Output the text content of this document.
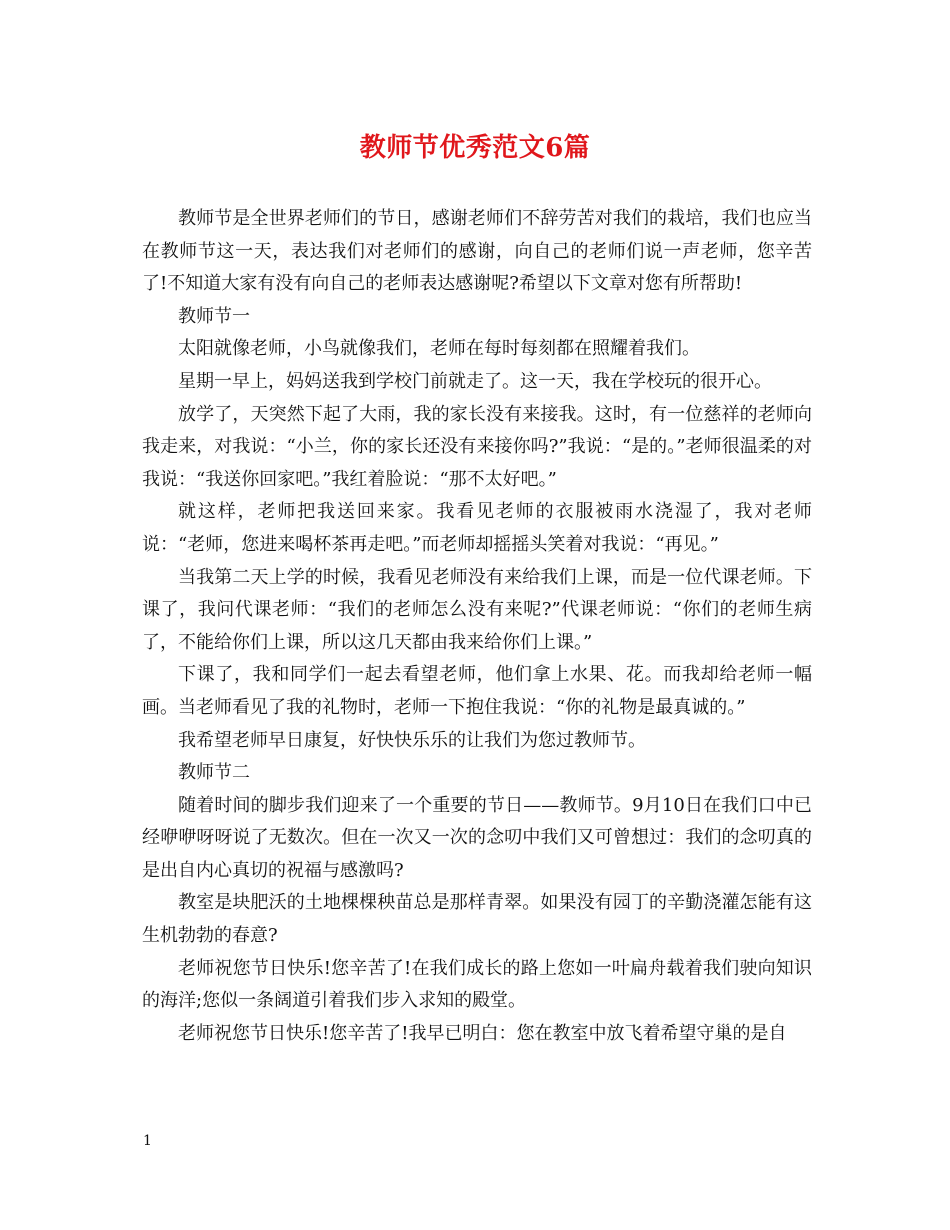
教师节优秀范文6篇

教师节是全世界老师们的节日，感谢老师们不辞劳苦对我们的栽培，我们也应当在教师节这一天，表达我们对老师们的感谢，向自己的老师们说一声老师，您辛苦了!不知道大家有没有向自己的老师表达感谢呢?希望以下文章对您有所帮助!

教师节一

太阳就像老师，小鸟就像我们，老师在每时每刻都在照耀着我们。

星期一早上，妈妈送我到学校门前就走了。这一天，我在学校玩的很开心。

放学了，天突然下起了大雨，我的家长没有来接我。这时，有一位慈祥的老师向我走来，对我说：“小兰，你的家长还没有来接你吗?”我说：“是的。”老师很温柔的对我说：“我送你回家吧。”我红着脸说：“那不太好吧。”

就这样，老师把我送回来家。我看见老师的衣服被雨水浇湿了，我对老师说：“老师，您进来喝杯茶再走吧。”而老师却摇摇头笑着对我说：“再见。”

当我第二天上学的时候，我看见老师没有来给我们上课，而是一位代课老师。下课了，我问代课老师：“我们的老师怎么没有来呢?”代课老师说：“你们的老师生病了，不能给你们上课，所以这几天都由我来给你们上课。”

下课了，我和同学们一起去看望老师，他们拿上水果、花。而我却给老师一幅画。当老师看见了我的礼物时，老师一下抱住我说：“你的礼物是最真诚的。”

我希望老师早日康复，好快快乐乐的让我们为您过教师节。

教师节二

随着时间的脚步我们迎来了一个重要的节日——教师节。9月10日在我们口中已经咿咿呀呀说了无数次。但在一次又一次的念叨中我们又可曾想过：我们的念叨真的是出自内心真切的祝福与感激吗?

教室是块肥沃的土地棵棵秧苗总是那样青翠。如果没有园丁的辛勤浇灌怎能有这生机勃勃的春意?

老师祝您节日快乐!您辛苦了!在我们成长的路上您如一叶扁舟载着我们驶向知识的海洋;您似一条阔道引着我们步入求知的殿堂。

老师祝您节日快乐!您辛苦了!我早已明白：您在教室中放飞着希望守巢的是自

1
